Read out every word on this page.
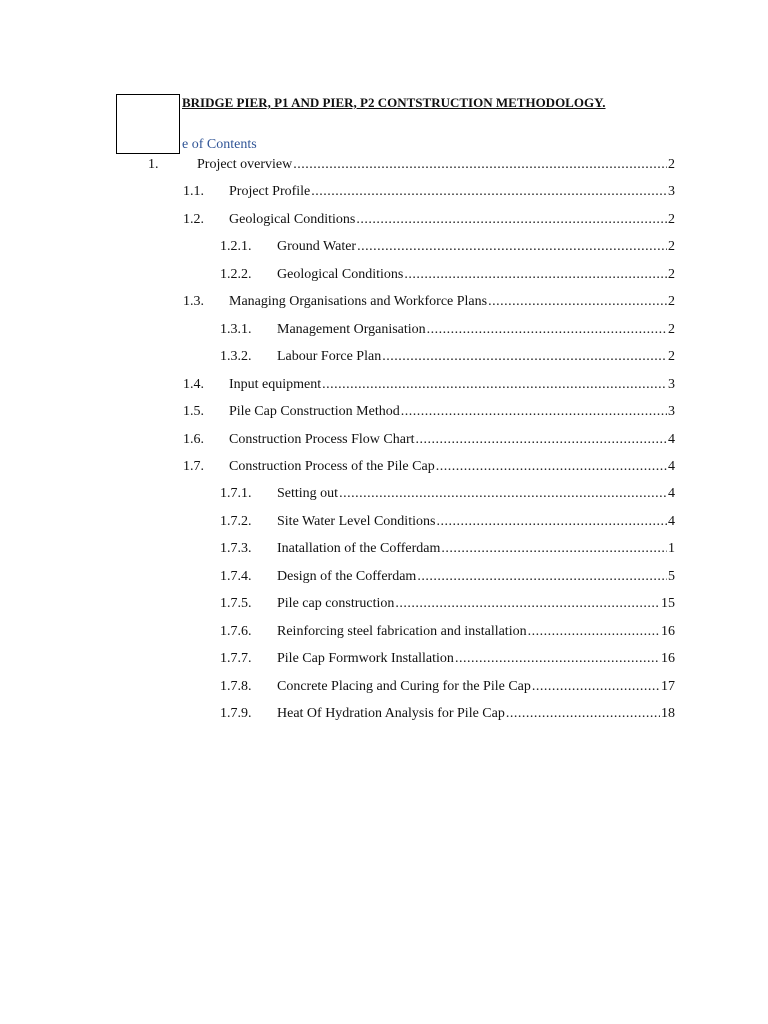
BRIDGE PIER, P1 AND PIER, P2 CONTSTRUCTION METHODOLOGY.
e of Contents
1.	Project overview .....	2
1.1.	Project Profile .....	3
1.2.	Geological Conditions .....	2
1.2.1.	Ground Water .....	2
1.2.2.	Geological Conditions .....	2
1.3.	Managing Organisations and Workforce Plans .....	2
1.3.1.	Management Organisation .....	2
1.3.2.	Labour Force Plan .....	2
1.4.	Input equipment .....	3
1.5.	Pile Cap Construction Method .....	3
1.6.	Construction Process Flow Chart .....	4
1.7.	Construction Process of the Pile Cap .....	4
1.7.1.	Setting out .....	4
1.7.2.	Site Water Level Conditions .....	4
1.7.3.	Inatallation of the Cofferdam .....	1
1.7.4.	Design of the Cofferdam .....	5
1.7.5.	Pile cap construction .....	15
1.7.6.	Reinforcing steel fabrication and installation .....	16
1.7.7.	Pile Cap Formwork Installation .....	16
1.7.8.	Concrete Placing and Curing for the Pile Cap .....	17
1.7.9.	Heat Of Hydration Analysis for Pile Cap .....	18
